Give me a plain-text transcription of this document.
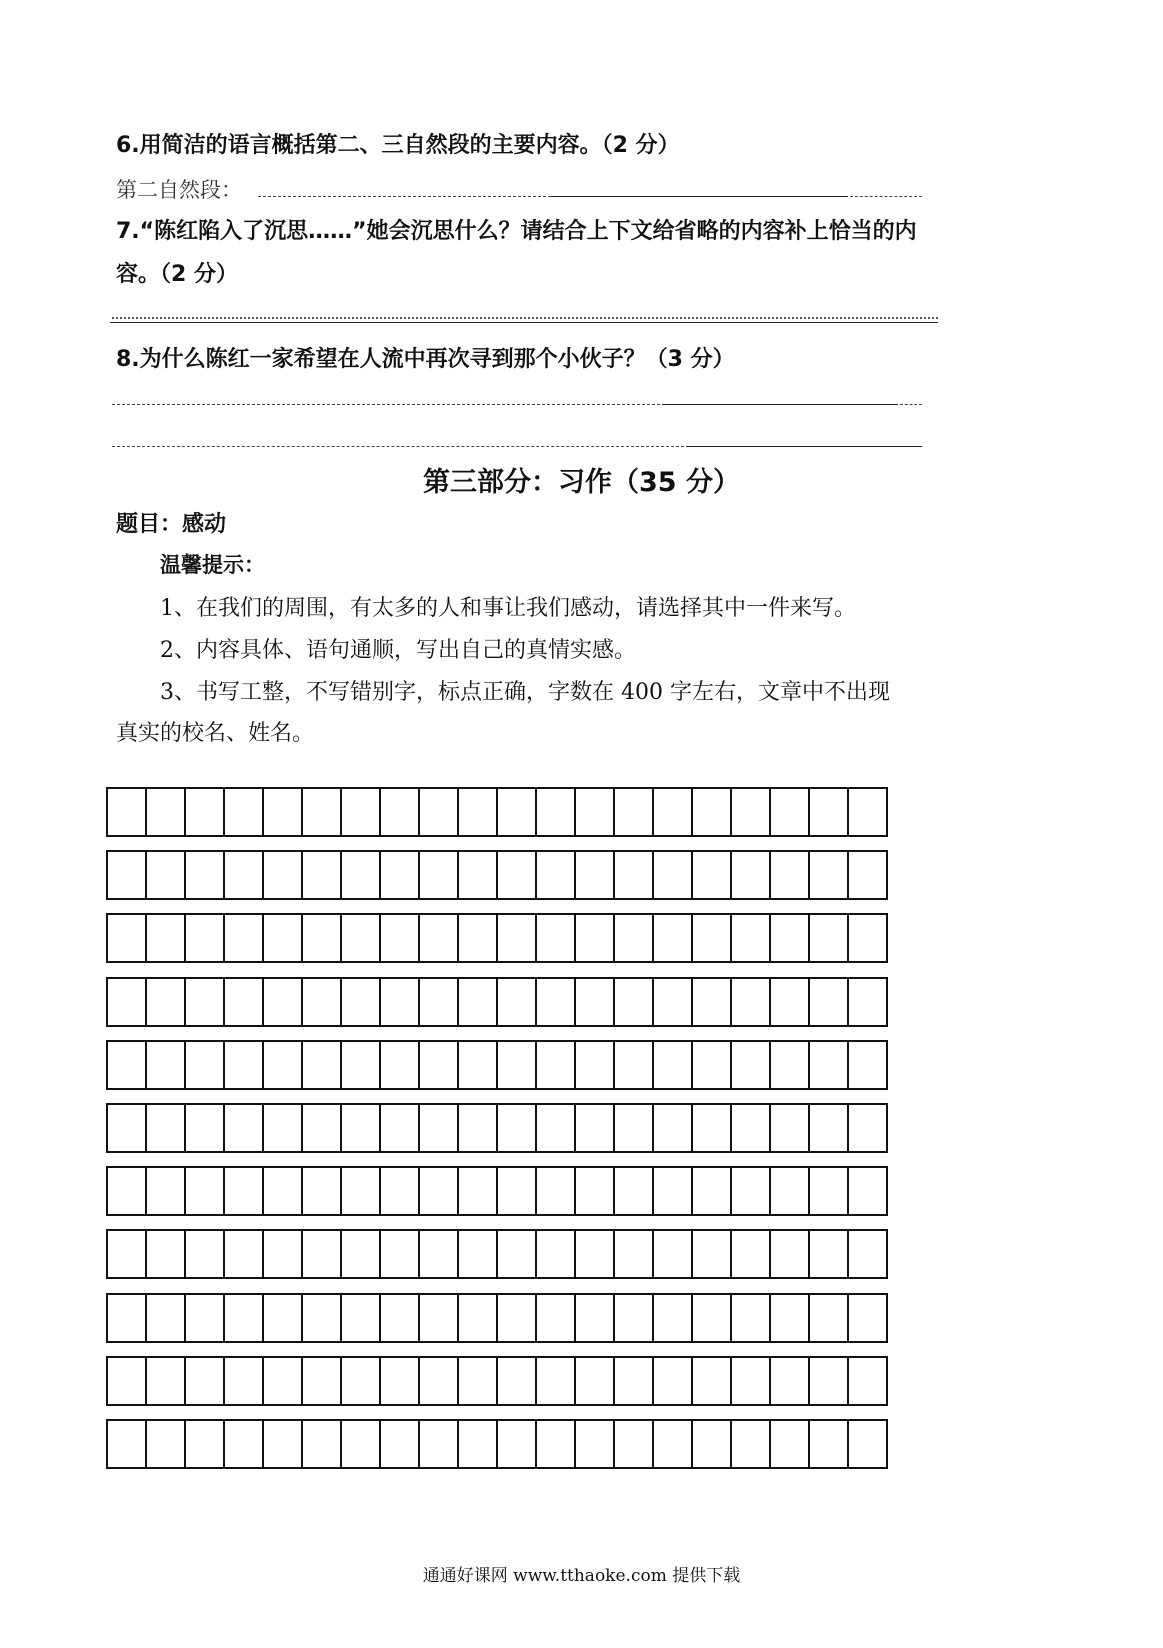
6.用简洁的语言概括第二、三自然段的主要内容。（2 分）
第二自然段：
7.“陈红陷入了沉思……”她会沉思什么？请结合上下文给省略的内容补上恰当的内
容。（2 分）
8.为什么陈红一家希望在人流中再次寻到那个小伙子？（3 分）
第三部分：习作（35 分）
题目：感动
温馨提示：
1、在我们的周围，有太多的人和事让我们感动，请选择其中一件来写。
2、内容具体、语句通顺，写出自己的真情实感。
3、书写工整，不写错别字，标点正确，字数在 400 字左右，文章中不出现
真实的校名、姓名。
通通好课网 www.tthaoke.com 提供下载
